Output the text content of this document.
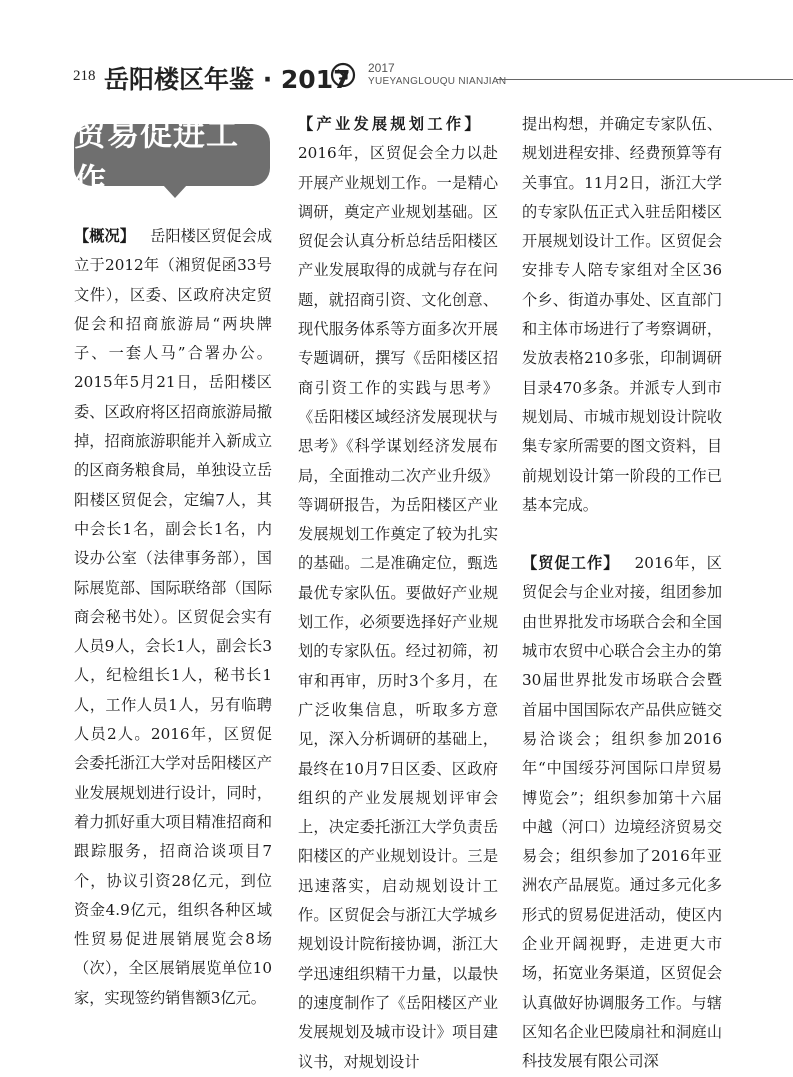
218 岳阳楼区年鉴 · 2017 2017
YUEYANGLOUQU NIANJIAN
贸易促进工作

【概况】  岳阳楼区贸促会成立于2012年（湘贸促函33号文件），区委、区政府决定贸促会和招商旅游局“两块牌子、一套人马”合署办公。2015年5月21日，岳阳楼区委、区政府将区招商旅游局撤掉，招商旅游职能并入新成立的区商务粮食局，单独设立岳阳楼区贸促会，定编7人，其中会长1名，副会长1名，内设办公室（法律事务部），国际展览部、国际联络部（国际商会秘书处）。区贸促会实有人员9人，会长1人，副会长3人，纪检组长1人，秘书长1人，工作人员1人，另有临聘人员2人。2016年，区贸促会委托浙江大学对岳阳楼区产业发展规划进行设计，同时，着力抓好重大项目精准招商和跟踪服务，招商洽谈项目7个，协议引资28亿元，到位资金4.9亿元，组织各种区域性贸易促进展销展览会8场（次），全区展销展览单位10家，实现签约销售额3亿元。

【产业发展规划工作】 2016年，区贸促会全力以赴开展产业规划工作。一是精心调研，奠定产业规划基础。区贸促会认真分析总结岳阳楼区产业发展取得的成就与存在问题，就招商引资、文化创意、现代服务体系等方面多次开展专题调研，撰写《岳阳楼区招商引资工作的实践与思考》《岳阳楼区域经济发展现状与思考》《科学谋划经济发展布局，全面推动二次产业升级》等调研报告，为岳阳楼区产业发展规划工作奠定了较为扎实的基础。二是准确定位，甄选最优专家队伍。要做好产业规划工作，必须要选择好产业规划的专家队伍。经过初筛，初审和再审，历时3个多月，在广泛收集信息，听取多方意见，深入分析调研的基础上，最终在10月7日区委、区政府组织的产业发展规划评审会上，决定委托浙江大学负责岳阳楼区的产业规划设计。三是迅速落实，启动规划设计工作。区贸促会与浙江大学城乡规划设计院衔接协调，浙江大学迅速组织精干力量，以最快的速度制作了《岳阳楼区产业发展规划及城市设计》项目建议书，对规划设计

提出构想，并确定专家队伍、规划进程安排、经费预算等有关事宜。11月2日，浙江大学的专家队伍正式入驻岳阳楼区开展规划设计工作。区贸促会安排专人陪专家组对全区36个乡、街道办事处、区直部门和主体市场进行了考察调研，发放表格210多张，印制调研目录470多条。并派专人到市规划局、市城市规划设计院收集专家所需要的图文资料，目前规划设计第一阶段的工作已基本完成。

【贸促工作】  2016年，区贸促会与企业对接，组团参加由世界批发市场联合会和全国城市农贸中心联合会主办的第30届世界批发市场联合会暨首届中国国际农产品供应链交易洽谈会；组织参加2016年“中国绥芬河国际口岸贸易博览会”；组织参加第十六届中越（河口）边境经济贸易交易会；组织参加了2016年亚洲农产品展览。通过多元化多形式的贸易促进活动，使区内企业开阔视野，走进更大市场，拓宽业务渠道，区贸促会认真做好协调服务工作。与辖区知名企业巴陵扇社和洞庭山科技发展有限公司深
